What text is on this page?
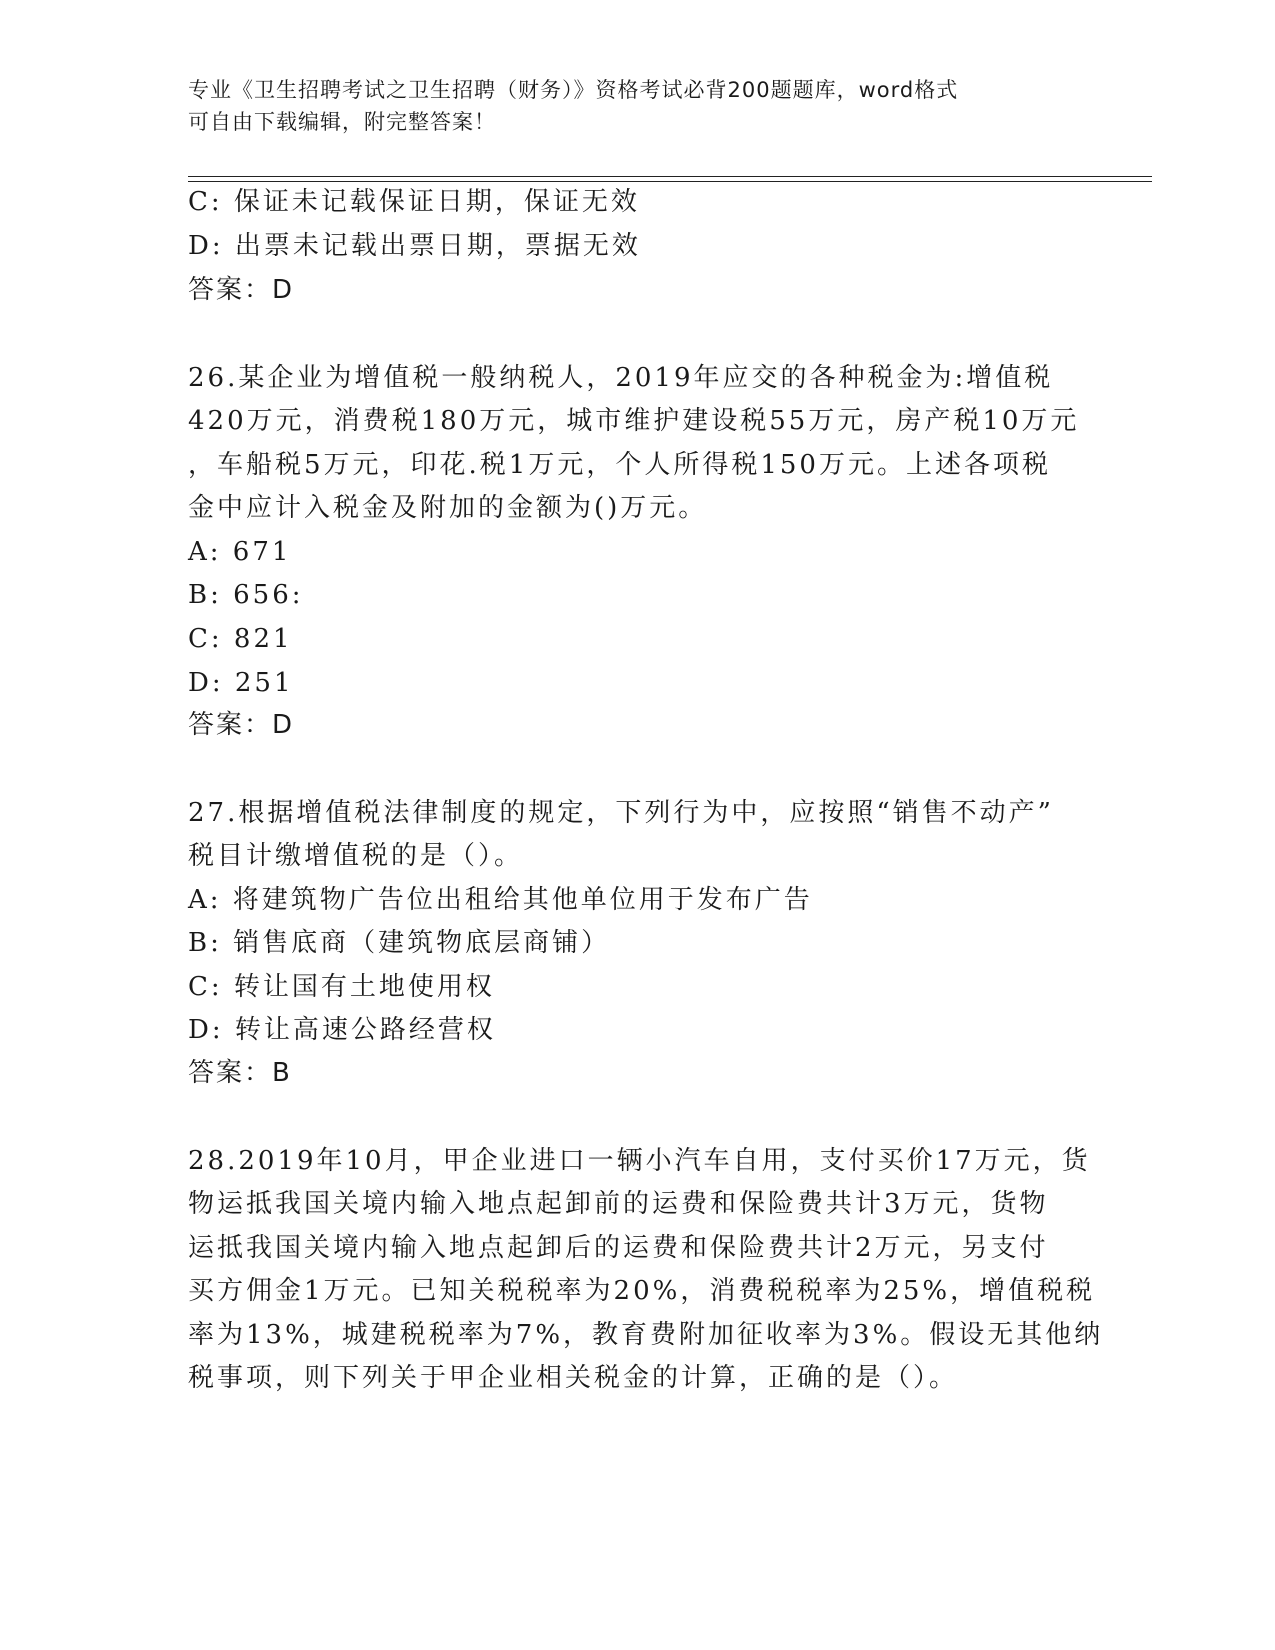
专业《卫生招聘考试之卫生招聘（财务）》资格考试必背200题题库，word格式
可自由下载编辑，附完整答案！
C: 保证未记载保证日期，保证无效
D: 出票未记载出票日期，票据无效
答案：D
26.某企业为增值税一般纳税人，2019年应交的各种税金为:增值税
420万元，消费税180万元，城市维护建设税55万元，房产税10万元
，车船税5万元，印花.税1万元，个人所得税150万元。上述各项税
金中应计入税金及附加的金额为()万元。
A: 671
B: 656:
C: 821
D: 251
答案：D
27.根据增值税法律制度的规定，下列行为中，应按照“销售不动产”
税目计缴增值税的是（）。
A: 将建筑物广告位出租给其他单位用于发布广告
B: 销售底商（建筑物底层商铺）
C: 转让国有土地使用权
D: 转让高速公路经营权
答案：B
28.2019年10月，甲企业进口一辆小汽车自用，支付买价17万元，货
物运抵我国关境内输入地点起卸前的运费和保险费共计3万元，货物
运抵我国关境内输入地点起卸后的运费和保险费共计2万元，另支付
买方佣金1万元。已知关税税率为20%，消费税税率为25%，增值税税
率为13%，城建税税率为7%，教育费附加征收率为3%。假设无其他纳
税事项，则下列关于甲企业相关税金的计算，正确的是（）。
